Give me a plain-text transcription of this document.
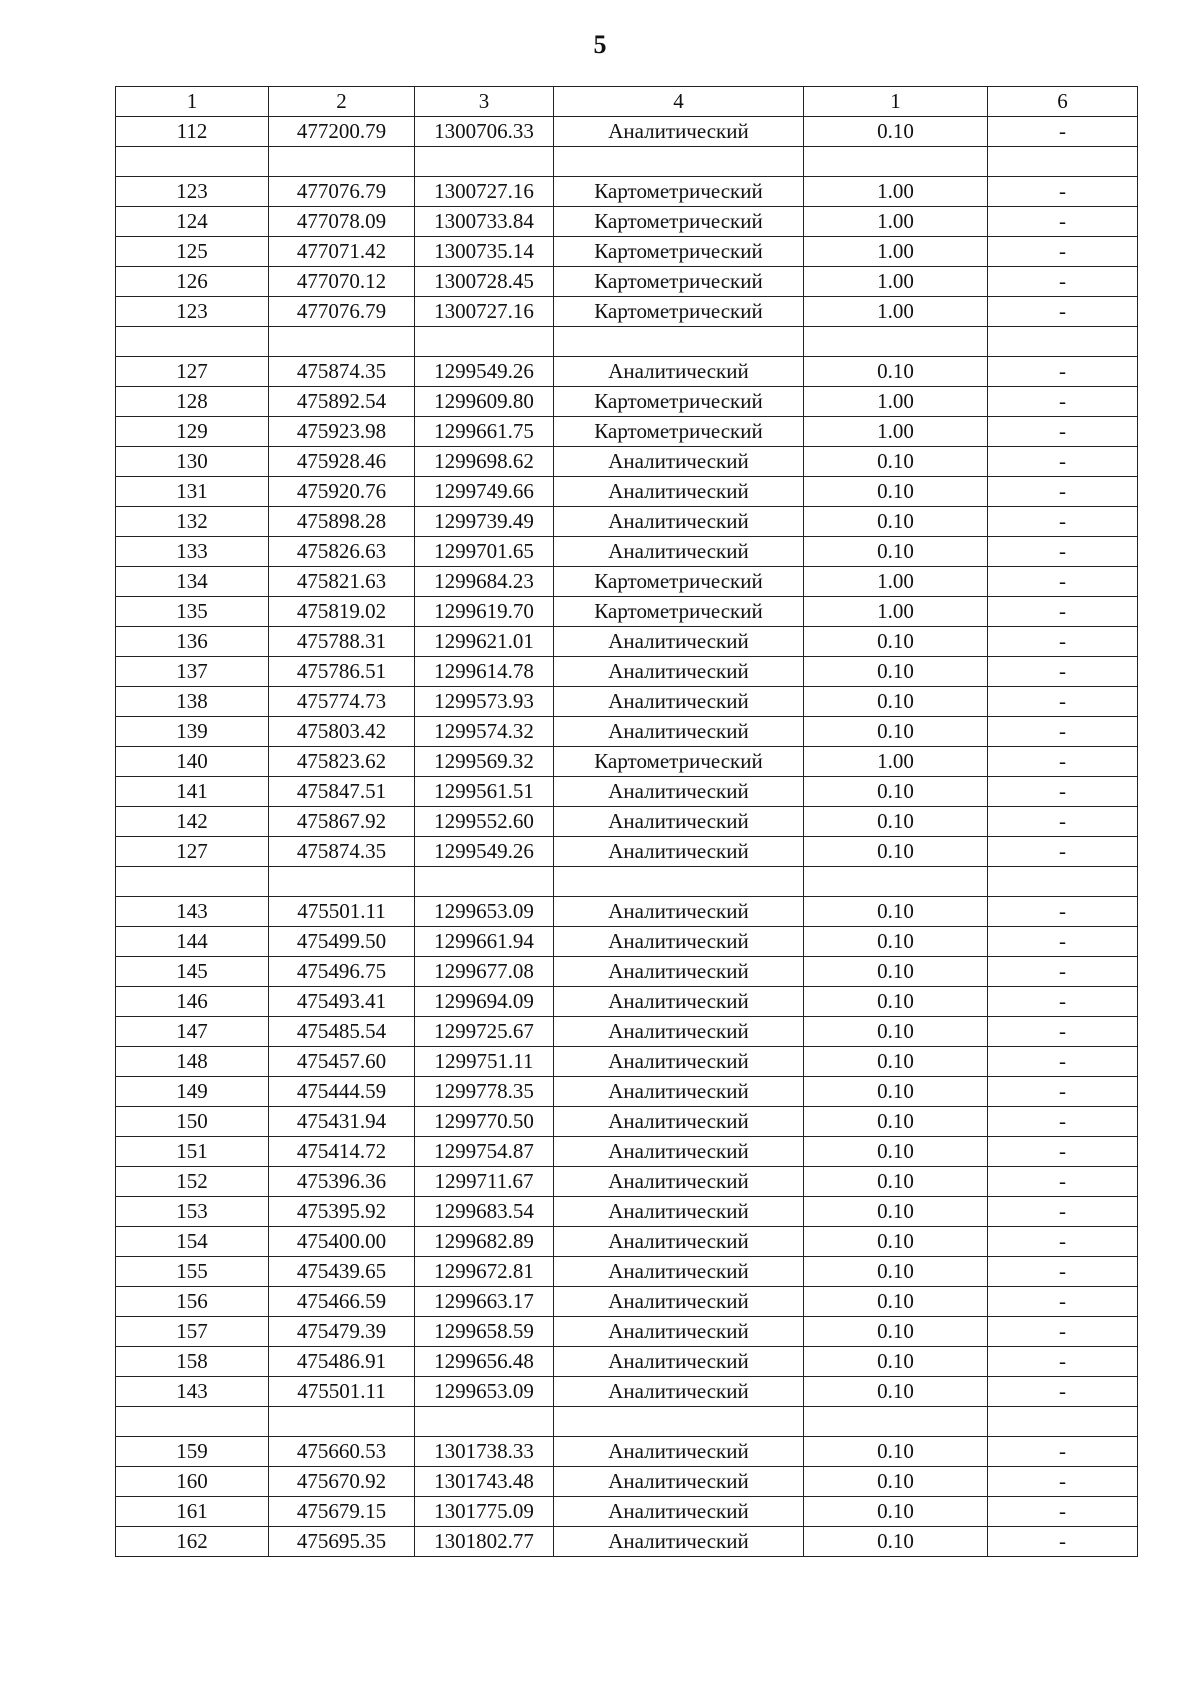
5
1	2	3	4	1	6
112	477200.79	1300706.33	Аналитический	0.10	-

123	477076.79	1300727.16	Картометрический	1.00	-
124	477078.09	1300733.84	Картометрический	1.00	-
125	477071.42	1300735.14	Картометрический	1.00	-
126	477070.12	1300728.45	Картометрический	1.00	-
123	477076.79	1300727.16	Картометрический	1.00	-

127	475874.35	1299549.26	Аналитический	0.10	-
128	475892.54	1299609.80	Картометрический	1.00	-
129	475923.98	1299661.75	Картометрический	1.00	-
130	475928.46	1299698.62	Аналитический	0.10	-
131	475920.76	1299749.66	Аналитический	0.10	-
132	475898.28	1299739.49	Аналитический	0.10	-
133	475826.63	1299701.65	Аналитический	0.10	-
134	475821.63	1299684.23	Картометрический	1.00	-
135	475819.02	1299619.70	Картометрический	1.00	-
136	475788.31	1299621.01	Аналитический	0.10	-
137	475786.51	1299614.78	Аналитический	0.10	-
138	475774.73	1299573.93	Аналитический	0.10	-
139	475803.42	1299574.32	Аналитический	0.10	-
140	475823.62	1299569.32	Картометрический	1.00	-
141	475847.51	1299561.51	Аналитический	0.10	-
142	475867.92	1299552.60	Аналитический	0.10	-
127	475874.35	1299549.26	Аналитический	0.10	-

143	475501.11	1299653.09	Аналитический	0.10	-
144	475499.50	1299661.94	Аналитический	0.10	-
145	475496.75	1299677.08	Аналитический	0.10	-
146	475493.41	1299694.09	Аналитический	0.10	-
147	475485.54	1299725.67	Аналитический	0.10	-
148	475457.60	1299751.11	Аналитический	0.10	-
149	475444.59	1299778.35	Аналитический	0.10	-
150	475431.94	1299770.50	Аналитический	0.10	-
151	475414.72	1299754.87	Аналитический	0.10	-
152	475396.36	1299711.67	Аналитический	0.10	-
153	475395.92	1299683.54	Аналитический	0.10	-
154	475400.00	1299682.89	Аналитический	0.10	-
155	475439.65	1299672.81	Аналитический	0.10	-
156	475466.59	1299663.17	Аналитический	0.10	-
157	475479.39	1299658.59	Аналитический	0.10	-
158	475486.91	1299656.48	Аналитический	0.10	-
143	475501.11	1299653.09	Аналитический	0.10	-

159	475660.53	1301738.33	Аналитический	0.10	-
160	475670.92	1301743.48	Аналитический	0.10	-
161	475679.15	1301775.09	Аналитический	0.10	-
162	475695.35	1301802.77	Аналитический	0.10	-
